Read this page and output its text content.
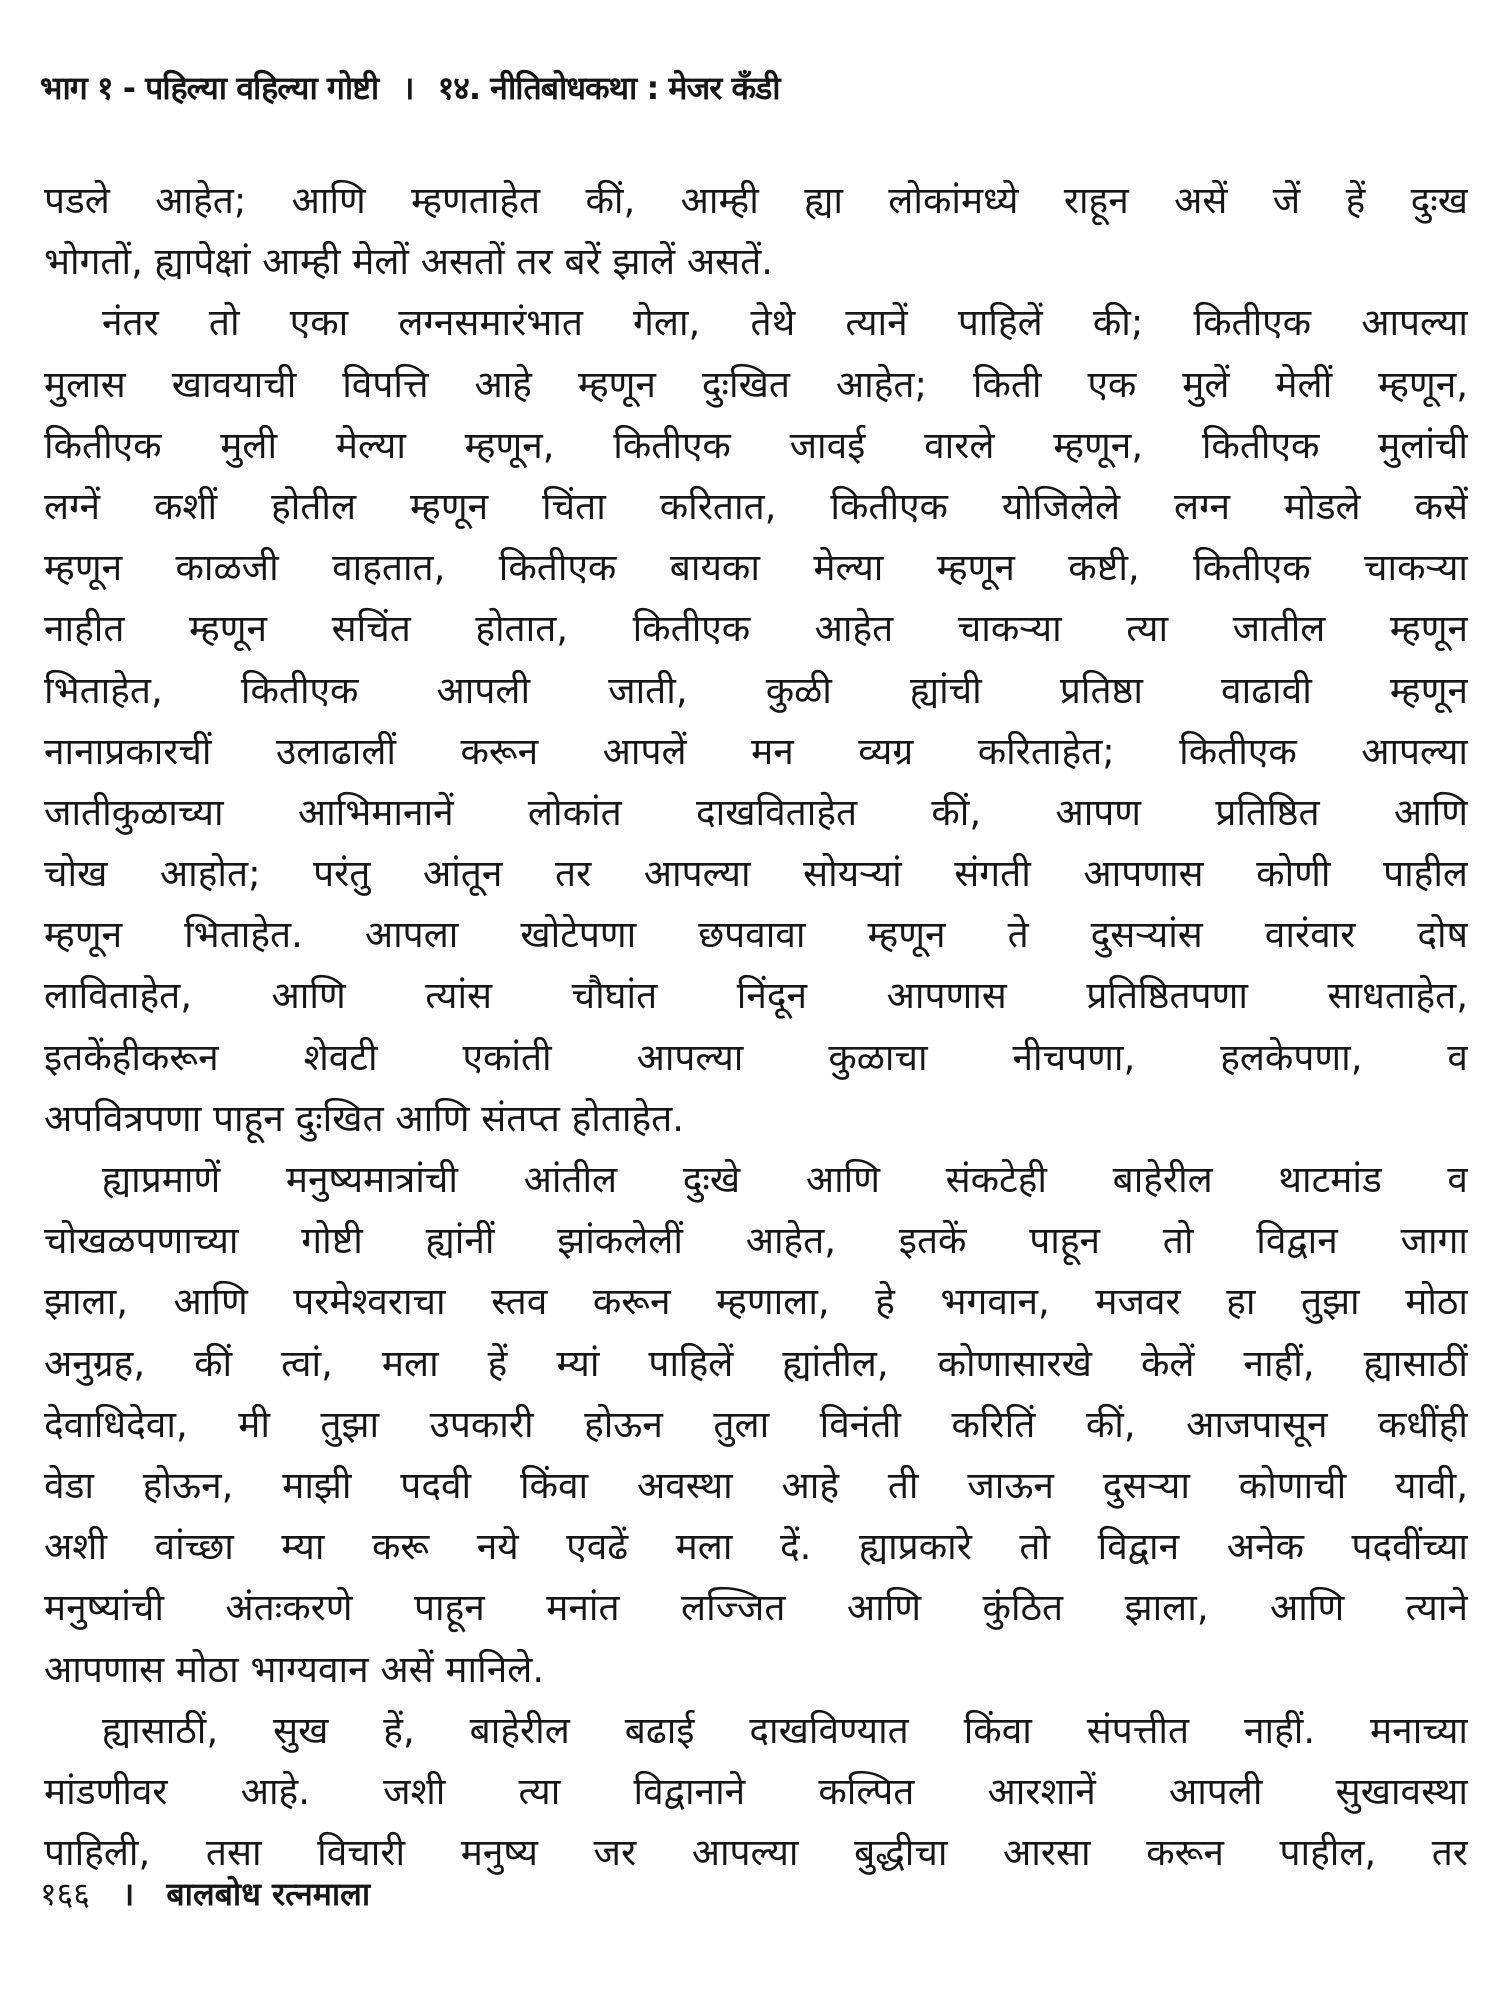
भाग १ - पहिल्या वहिल्या गोष्टी । १४. नीतिबोधकथा : मेजर कँडी
पडले आहेत; आणि म्हणताहेत कीं, आम्ही ह्या लोकांमध्ये राहून असें जें हें दुःख
भोगतों, ह्यापेक्षां आम्ही मेलों असतों तर बरें झालें असतें.
नंतर तो एका लग्नसमारंभात गेला, तेथे त्यानें पाहिलें की; कितीएक आपल्या
मुलास खावयाची विपत्ति आहे म्हणून दुःखित आहेत; किती एक मुलें मेलीं म्हणून,
कितीएक मुली मेल्या म्हणून, कितीएक जावई वारले म्हणून, कितीएक मुलांची
लग्नें कशीं होतील म्हणून चिंता करितात, कितीएक योजिलेले लग्न मोडले कसें
म्हणून काळजी वाहतात, कितीएक बायका मेल्या म्हणून कष्टी, कितीएक चाकऱ्या
नाहीत म्हणून सचिंत होतात, कितीएक आहेत चाकऱ्या त्या जातील म्हणून
भिताहेत, कितीएक आपली जाती, कुळी ह्यांची प्रतिष्ठा वाढावी म्हणून
नानाप्रकारचीं उलाढालीं करून आपलें मन व्यग्र करिताहेत; कितीएक आपल्या
जातीकुळाच्या आभिमानानें लोकांत दाखविताहेत कीं, आपण प्रतिष्ठित आणि
चोख आहोत; परंतु आंतून तर आपल्या सोयऱ्यां संगती आपणास कोणी पाहील
म्हणून भिताहेत. आपला खोटेपणा छपवावा म्हणून ते दुसऱ्यांस वारंवार दोष
लाविताहेत, आणि त्यांस चौघांत निंदून आपणास प्रतिष्ठितपणा साधताहेत,
इतकेंहीकरून शेवटी एकांती आपल्या कुळाचा नीचपणा, हलकेपणा, व
अपवित्रपणा पाहून दुःखित आणि संतप्त होताहेत.
ह्याप्रमाणें मनुष्यमात्रांची आंतील दुःखे आणि संकटेही बाहेरील थाटमांड व
चोखळपणाच्या गोष्टी ह्यांनीं झांकलेलीं आहेत, इतकें पाहून तो विद्वान जागा
झाला, आणि परमेश्वराचा स्तव करून म्हणाला, हे भगवान, मजवर हा तुझा मोठा
अनुग्रह, कीं त्वां, मला हें म्यां पाहिलें ह्यांतील, कोणासारखे केलें नाहीं, ह्यासाठीं
देवाधिदेवा, मी तुझा उपकारी होऊन तुला विनंती करितिं कीं, आजपासून कधींही
वेडा होऊन, माझी पदवी किंवा अवस्था आहे ती जाऊन दुसऱ्या कोणाची यावी,
अशी वांच्छा म्या करू नये एवढें मला दें. ह्याप्रकारे तो विद्वान अनेक पदवींच्या
मनुष्यांची अंतःकरणे पाहून मनांत लज्जित आणि कुंठित झाला, आणि त्याने
आपणास मोठा भाग्यवान असें मानिले.
ह्यासाठीं, सुख हें, बाहेरील बढाई दाखविण्यात किंवा संपत्तीत नाहीं. मनाच्या
मांडणीवर आहे. जशी त्या विद्वानाने कल्पित आरशानें आपली सुखावस्था
पाहिली, तसा विचारी मनुष्य जर आपल्या बुद्धीचा आरसा करून पाहील, तर
१६६ । बालबोध रत्नमाला
